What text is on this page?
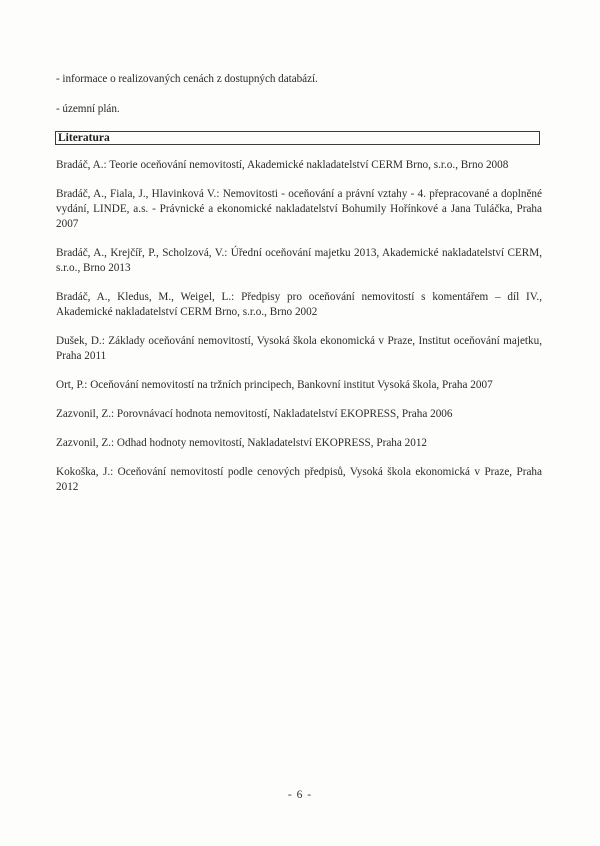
- informace o realizovaných cenách z dostupných databází.
- územní plán.
Literatura
Bradáč, A.: Teorie oceňování nemovitostí, Akademické nakladatelství CERM Brno, s.r.o., Brno 2008
Bradáč, A., Fiala, J., Hlavinková V.: Nemovitosti - oceňování a právní vztahy - 4. přepracované a doplněné vydání, LINDE, a.s. - Právnické a ekonomické nakladatelství Bohumily Hořínkové a Jana Tuláčka, Praha 2007
Bradáč, A., Krejčíř, P., Scholzová, V.: Úřední oceňování majetku 2013, Akademické nakladatelství CERM, s.r.o., Brno 2013
Bradáč, A., Kledus, M., Weigel, L.: Předpisy pro oceňování nemovitostí s komentářem – díl IV., Akademické nakladatelství CERM Brno, s.r.o., Brno 2002
Dušek, D.: Základy oceňování nemovitostí, Vysoká škola ekonomická v Praze, Institut oceňování majetku, Praha 2011
Ort, P.: Oceňování nemovitostí na tržních principech, Bankovní institut Vysoká škola, Praha 2007
Zazvonil, Z.: Porovnávací hodnota nemovitostí, Nakladatelství EKOPRESS, Praha 2006
Zazvonil, Z.: Odhad hodnoty nemovitostí, Nakladatelství EKOPRESS, Praha 2012
Kokoška, J.: Oceňování nemovitostí podle cenových předpisů, Vysoká škola ekonomická v Praze, Praha 2012
- 6 -
